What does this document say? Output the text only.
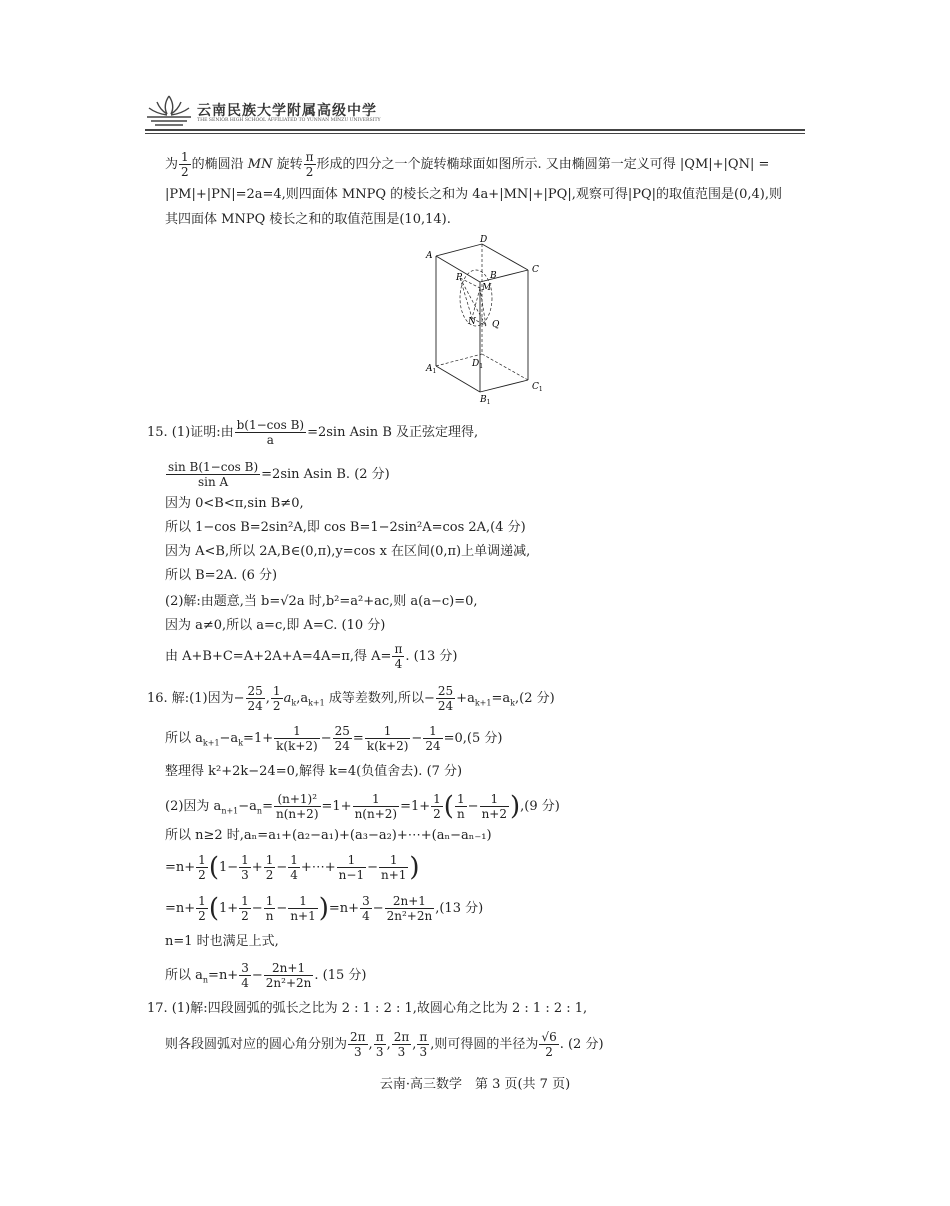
云南民族大学附属高级中学
THE SENIOR HIGH SCHOOL AFFILIATED TO YUNNAN MINZU UNIVERSITY
为 $\frac{1}{2}$ 的椭圆沿 MN 旋转 $\frac{\pi}{2}$ 形成的四分之一个旋转椭球面如图所示. 又由椭圆第一定义可得 |QM|+|QN| =
|PM|+|PN|=2a=4,则四面体 MNPQ 的棱长之和为 4a+|MN|+|PQ|,观察可得|PQ|的取值范围是(0,4),则
其四面体 MNPQ 棱长之和的取值范围是(10,14).
A
D
C
B
P
M
N Q
$A_1$
$D_1$
$C_1$
$B_1$
15. (1)证明:由 $\frac{\text{b(1−cos B)}}{a} =2\sin$ Asin B 及正弦定理得,
$\frac{\text{sin B(1−cos B)}}{\text{sin A}} =2\sin$ Asin B. (2 分)
因为 0<B<π,sin B≠0,
所以 1−cos B=2sin²A,即 cos B=1−2sin²A=cos 2A,(4 分)
因为 A<B,所以 2A,B∈(0,π),y=cos x 在区间(0,π)上单调递减,
所以 B=2A. (6 分)
(2)解:由题意,当 b=√2a 时,b²=a²+ac,则 a(a−c)=0,
因为 a≠0,所以 a=c,即 A=C. (10 分)
由 A+B+C=A+2A+A=4A=π,得 $A= \frac{\pi}{4}$ . (13 分)
16. 解:(1)因为− $\frac{25}{24}$ , $\frac{1}{2} a_k,a_{k+1}$ 成等差数列,所以− $\frac{25}{24} +a_{k+1}=a_k,(2$ 分)
所以 $a_{k+1}-a_k=1+ \frac{1}{k(k+2)} - \frac{25}{24} = \frac{1}{k(k+2)} - \frac{1}{24} =0,(5$ 分)
整理得 k²+2k−24=0,解得 k=4(负值舍去). (7 分)
(2)因为 $a_{n+1}-a_n= \frac{\text{(n+1)²}}{n(n+2)} =1+ \frac{1}{n(n+2)} =1+ \frac{1}{2}$ ( $\frac{1}{n} - \frac{1}{n+2} ),(9$ 分)
所以 n≥2 时,aₙ=a₁+(a₂−a₁)+(a₃−a₂)+⋯+(aₙ−aₙ₋₁)
$=n+ \frac{1}{2} (1- \frac{1}{3} + \frac{1}{2} - \frac{1}{4}$ +⋯+ $\frac{1}{n-1} - \frac{1}{n+1}$ )
$=n+ \frac{1}{2} (1+ \frac{1}{2} - \frac{1}{n} - \frac{1}{n+1} )=n+ \frac{3}{4} - \frac{2n+1}{\text{2n²+2n}} ,(13$ 分)
n=1 时也满足上式,
所以 $a_n=n+ \frac{3}{4} - \frac{2n+1}{\text{2n²+2n}}$ . (15 分)
17. (1)解:四段圆弧的弧长之比为 2 : 1 : 2 : 1,故圆心角之比为 2 : 1 : 2 : 1,
则各段圆弧对应的圆心角分别为 $\frac{2\pi}{3}$ , $\frac{\pi}{3}$ , $\frac{2\pi}{3}$ , $\frac{\pi}{3}$ ,则可得圆的半径为 $\frac{√6}{2}$ . (2 分)
云南·高三数学　第 3 页(共 7 页)
